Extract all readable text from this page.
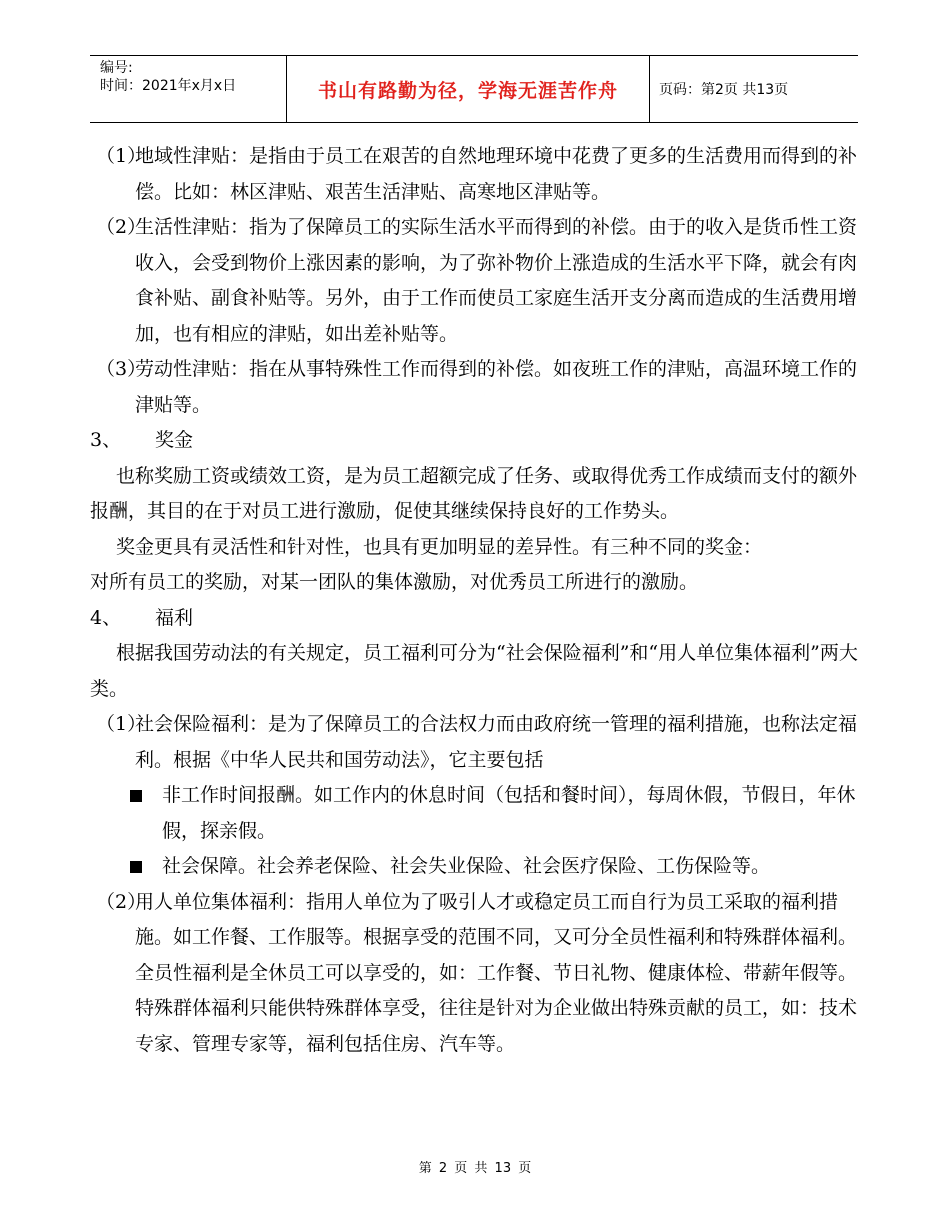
编号:
时间：2021年x月x日	书山有路勤为径，学海无涯苦作舟	页码：第2页 共13页
（1）
地域性津贴：是指由于员工在艰苦的自然地理环境中花费了更多的生活费用而得到的补偿。比如：林区津贴、艰苦生活津贴、高寒地区津贴等。
（2）
生活性津贴：指为了保障员工的实际生活水平而得到的补偿。由于的收入是货币性工资收入，会受到物价上涨因素的影响，为了弥补物价上涨造成的生活水平下降，就会有肉食补贴、副食补贴等。另外，由于工作而使员工家庭生活开支分离而造成的生活费用增加，也有相应的津贴，如出差补贴等。
（3）
劳动性津贴：指在从事特殊性工作而得到的补偿。如夜班工作的津贴，高温环境工作的津贴等。
3、	奖金
也称奖励工资或绩效工资，是为员工超额完成了任务、或取得优秀工作成绩而支付的额外报酬，其目的在于对员工进行激励，促使其继续保持良好的工作势头。
奖金更具有灵活性和针对性，也具有更加明显的差异性。有三种不同的奖金：
对所有员工的奖励，对某一团队的集体激励，对优秀员工所进行的激励。
4、	福利
根据我国劳动法的有关规定，员工福利可分为“社会保险福利”和“用人单位集体福利”两大类。
（1）
社会保险福利：是为了保障员工的合法权力而由政府统一管理的福利措施，也称法定福利。根据《中华人民共和国劳动法》，它主要包括
非工作时间报酬。如工作内的休息时间（包括和餐时间），每周休假，节假日，年休假，探亲假。
社会保障。社会养老保险、社会失业保险、社会医疗保险、工伤保险等。
（2）
用人单位集体福利：指用人单位为了吸引人才或稳定员工而自行为员工采取的福利措施。如工作餐、工作服等。根据享受的范围不同，又可分全员性福利和特殊群体福利。全员性福利是全休员工可以享受的，如：工作餐、节日礼物、健康体检、带薪年假等。特殊群体福利只能供特殊群体享受，往往是针对为企业做出特殊贡献的员工，如：技术专家、管理专家等，福利包括住房、汽车等。
第 2 页 共 13 页
